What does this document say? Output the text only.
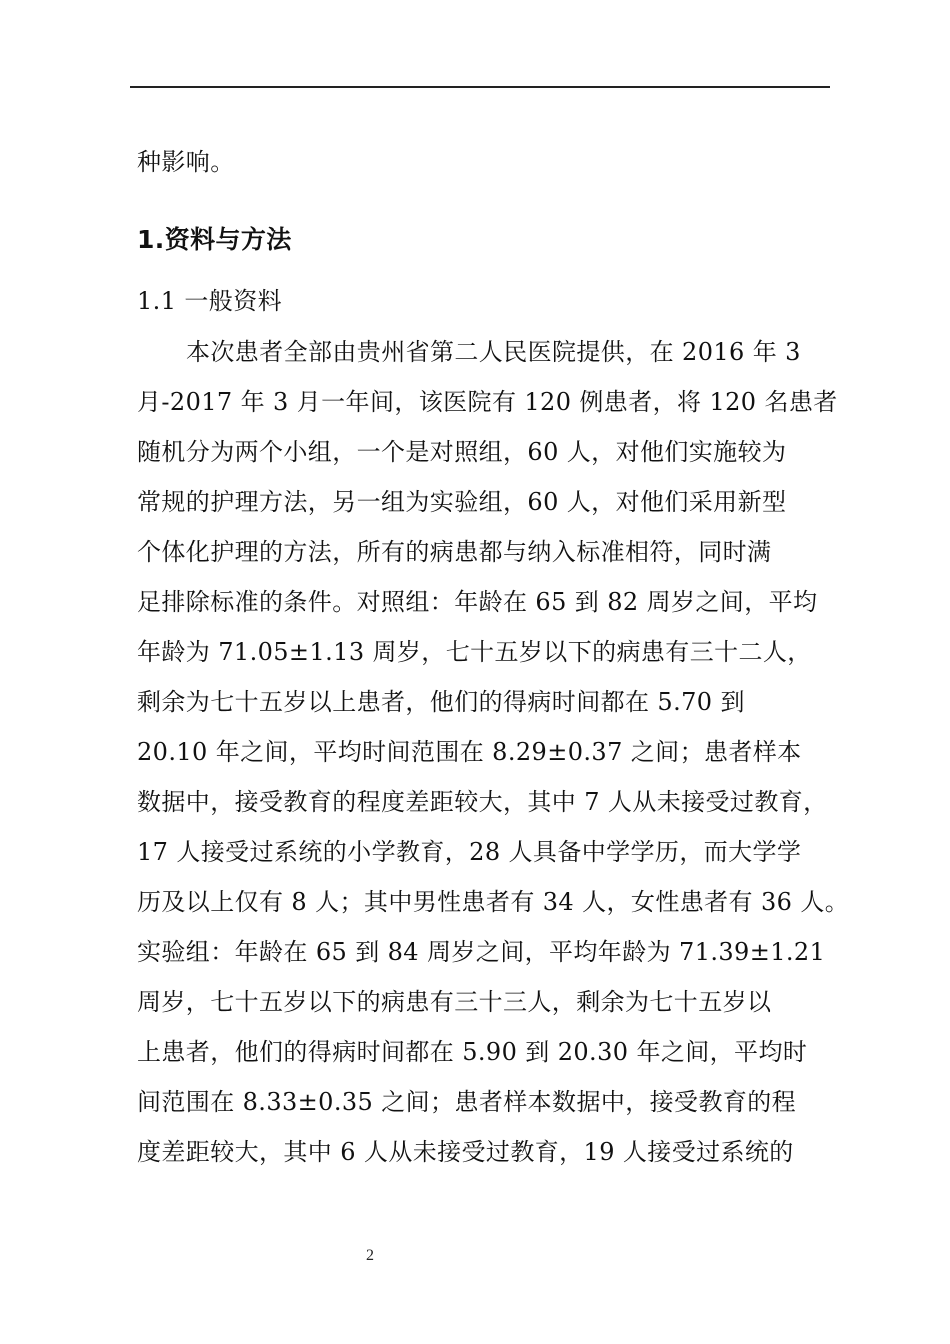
种影响。
1.资料与方法
1.1 一般资料
本次患者全部由贵州省第二人民医院提供，在 2016 年 3
月-2017 年 3 月一年间，该医院有 120 例患者，将 120 名患者
随机分为两个小组，一个是对照组，60 人，对他们实施较为
常规的护理方法，另一组为实验组，60 人，对他们采用新型
个体化护理的方法，所有的病患都与纳入标准相符，同时满
足排除标准的条件。对照组：年龄在 65 到 82 周岁之间，平均
年龄为 71.05±1.13 周岁，七十五岁以下的病患有三十二人，
剩余为七十五岁以上患者，他们的得病时间都在 5.70 到
20.10 年之间，平均时间范围在 8.29±0.37 之间；患者样本
数据中，接受教育的程度差距较大，其中 7 人从未接受过教育，
17 人接受过系统的小学教育，28 人具备中学学历，而大学学
历及以上仅有 8 人；其中男性患者有 34 人，女性患者有 36 人。
实验组：年龄在 65 到 84 周岁之间，平均年龄为 71.39±1.21
周岁，七十五岁以下的病患有三十三人，剩余为七十五岁以
上患者，他们的得病时间都在 5.90 到 20.30 年之间，平均时
间范围在 8.33±0.35 之间；患者样本数据中，接受教育的程
度差距较大，其中 6 人从未接受过教育，19 人接受过系统的
2
